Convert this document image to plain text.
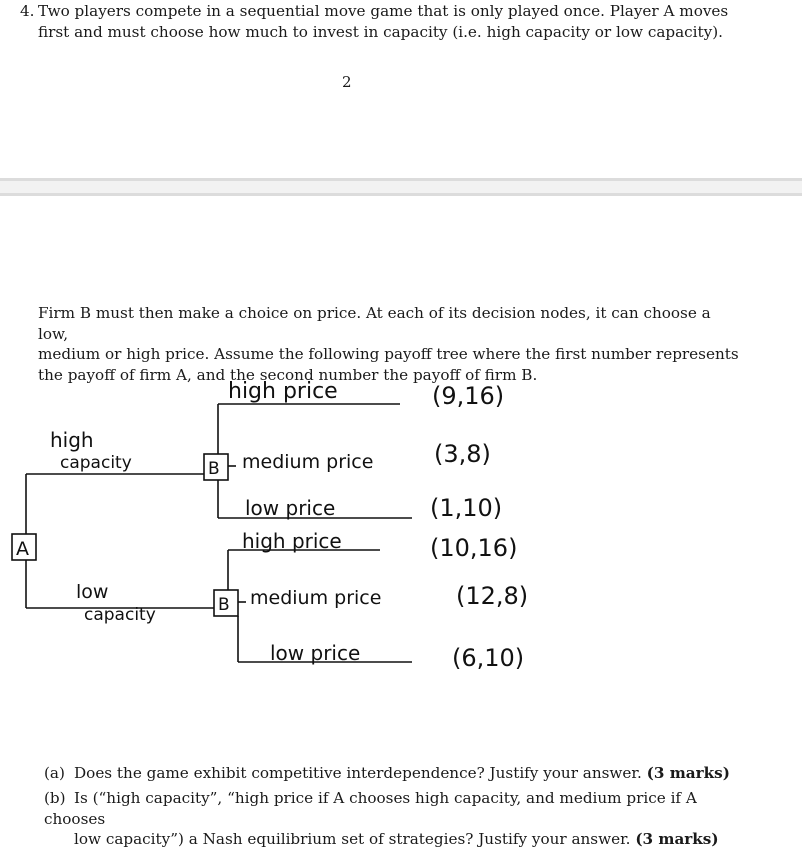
4. Two players compete in a sequential move game that is only played once. Player A moves
first and must choose how much to invest in capacity (i.e. high capacity or low capacity).
2
Firm B must then make a choice on price. At each of its decision nodes, it can choose a low,
medium or high price. Assume the following payoff tree where the first number represents
the payoff of firm A, and the second number the payoff of firm B.
A
high
capacity	B
high price	(9,16)
medium price	(3,8)
low price	(1,10)
high price	(10,16)
low
capacity	B medium price	(12,8)
low price	(6,10)
(a) Does the game exhibit competitive interdependence? Justify your answer. (3 marks)
(b) Is (“high capacity”, “high price if A chooses high capacity, and medium price if A chooses
low capacity”) a Nash equilibrium set of strategies? Justify your answer. (3 marks)
